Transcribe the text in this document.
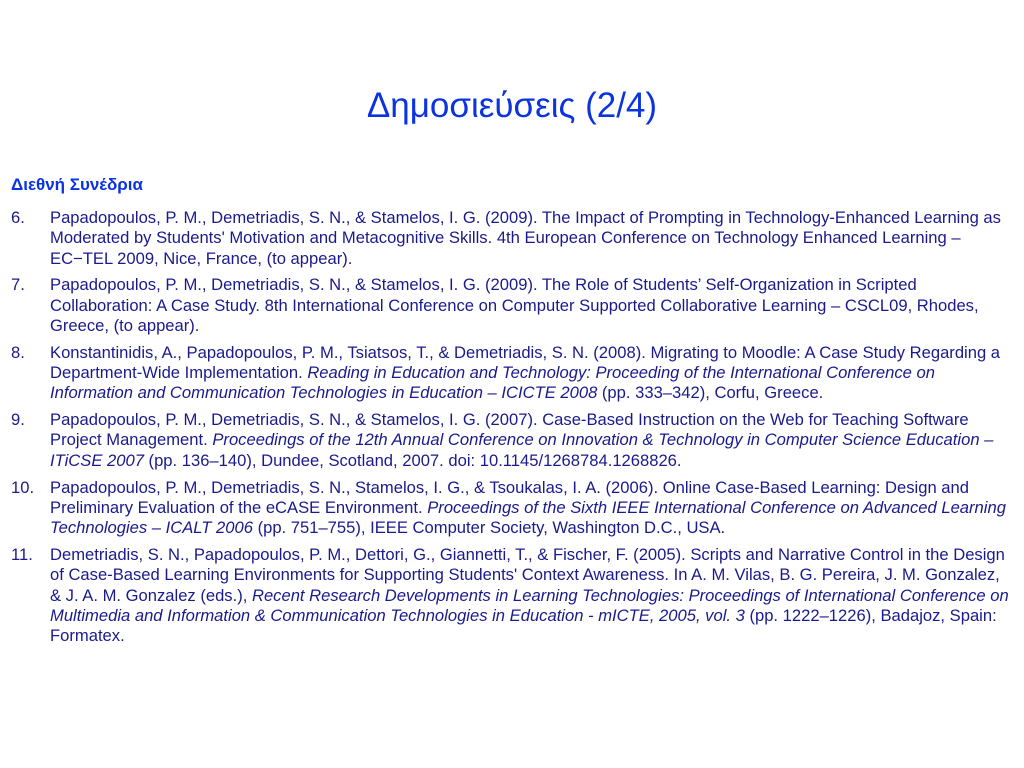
Δημοσιεύσεις (2/4)
Διεθνή Συνέδρια
6.	Papadopoulos, P. M., Demetriadis, S. N., & Stamelos, I. G. (2009). The Impact of Prompting in Technology-Enhanced Learning as Moderated by Students' Motivation and Metacognitive Skills. 4th European Conference on Technology Enhanced Learning – EC−TEL 2009, Nice, France, (to appear).
7.	Papadopoulos, P. M., Demetriadis, S. N., & Stamelos, I. G. (2009). The Role of Students’ Self-Organization in Scripted Collaboration: A Case Study. 8th International Conference on Computer Supported Collaborative Learning – CSCL09, Rhodes, Greece, (to appear).
8.	Konstantinidis, A., Papadopoulos, P. M., Tsiatsos, T., & Demetriadis, S. N. (2008). Migrating to Moodle: A Case Study Regarding a Department-Wide Implementation. Reading in Education and Technology: Proceeding of the International Conference on Information and Communication Technologies in Education – ICICTE 2008 (pp. 333–342), Corfu, Greece.
9.	Papadopoulos, P. M., Demetriadis, S. N., & Stamelos, I. G. (2007). Case-Based Instruction on the Web for Teaching Software Project Management. Proceedings of the 12th Annual Conference on Innovation & Technology in Computer Science Education – ITiCSE 2007 (pp. 136–140), Dundee, Scotland, 2007. doi: 10.1145/1268784.1268826.
10. Papadopoulos, P. M., Demetriadis, S. N., Stamelos, I. G., & Tsoukalas, I. A. (2006). Online Case-Based Learning: Design and Preliminary Evaluation of the eCASE Environment. Proceedings of the Sixth IEEE International Conference on Advanced Learning Technologies – ICALT 2006 (pp. 751–755), IEEE Computer Society, Washington D.C., USA.
11.	Demetriadis, S. N., Papadopoulos, P. M., Dettori, G., Giannetti, T., & Fischer, F. (2005). Scripts and Narrative Control in the Design of Case-Based Learning Environments for Supporting Students' Context Awareness. In A. M. Vilas, B. G. Pereira, J. M. Gonzalez, & J. A. M. Gonzalez (eds.), Recent Research Developments in Learning Technologies: Proceedings of International Conference on Multimedia and Information & Communication Technologies in Education - mICTE, 2005, vol. 3 (pp. 1222–1226), Badajoz, Spain: Formatex.
